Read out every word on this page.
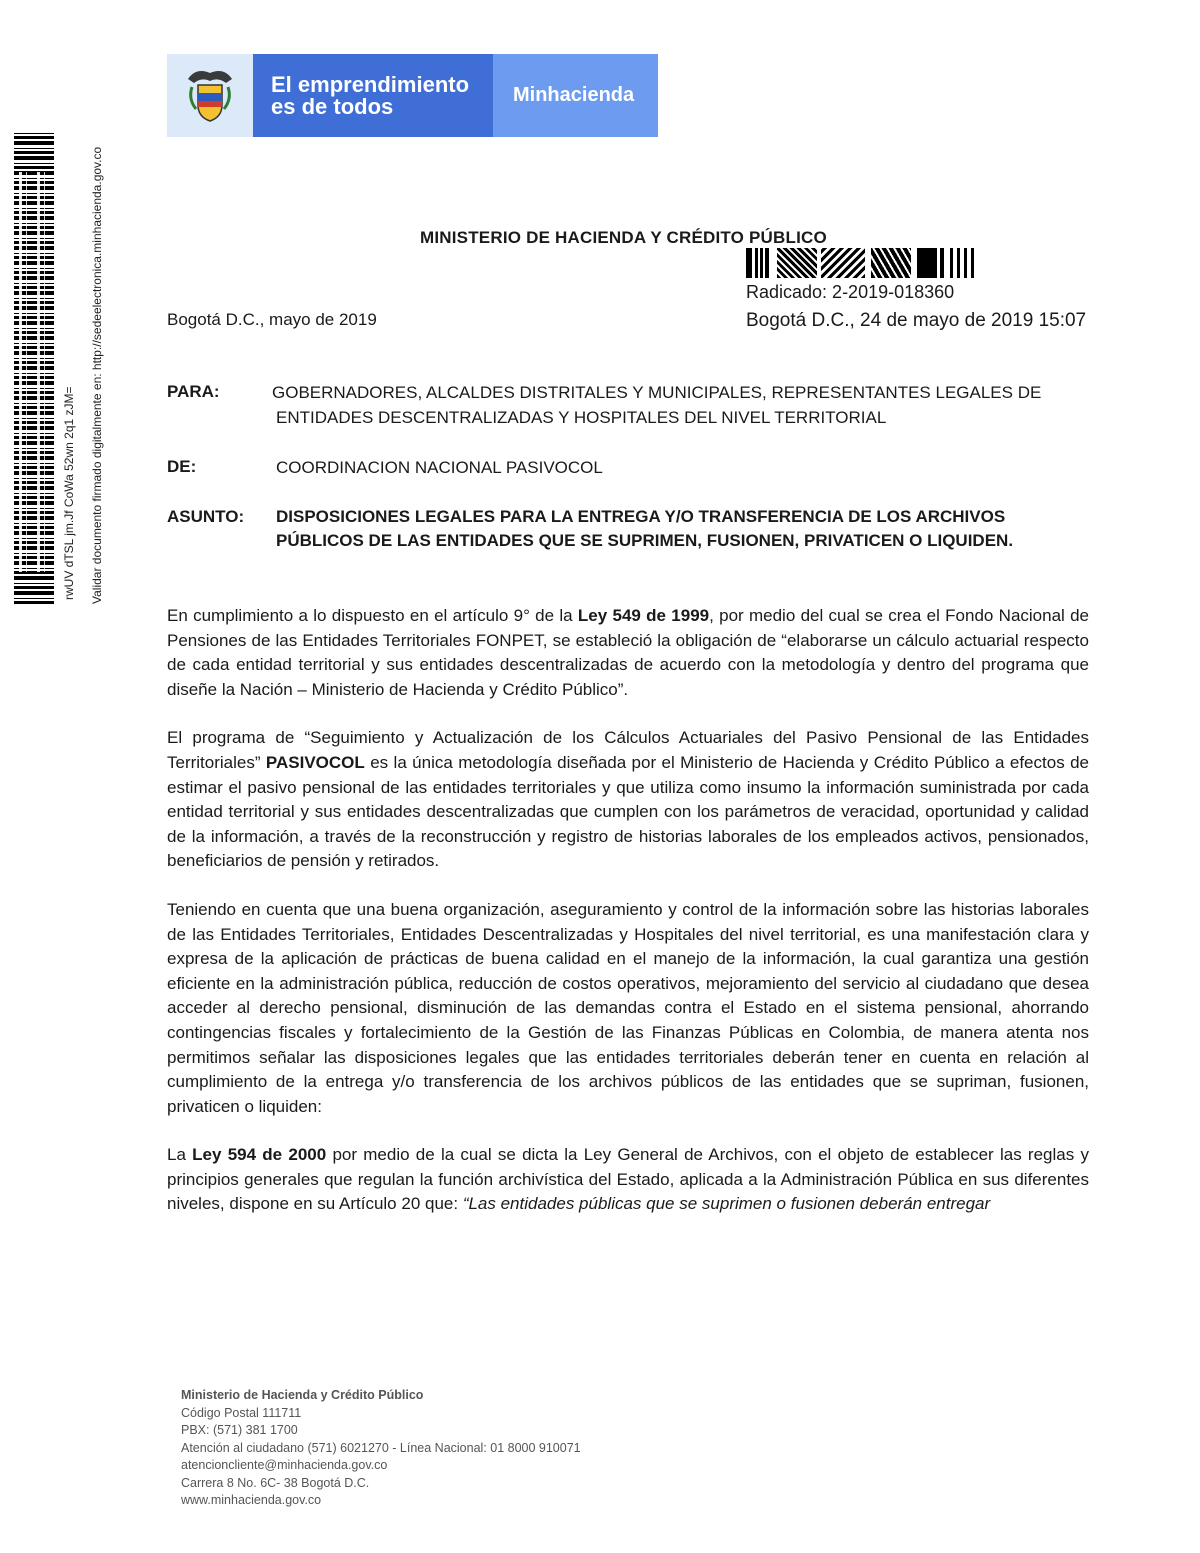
El emprendimiento
es de todos	Minhacienda
rwUV dTSL jm.Jf CoWa 52wn 2q1 zJM= Validar documento firmado digitalmente en: http://sedeelectronica.minhacienda.gov.co	MINISTERIO DE HACIENDA Y CRÉDITO PÚBLICO
Radicado: 2-2019-018360
Bogotá D.C., mayo de 2019	Bogotá D.C., 24 de mayo de 2019 15:07
PARA:	GOBERNADORES, ALCALDES DISTRITALES Y MUNICIPALES, REPRESENTANTES LEGALES DE
ENTIDADES DESCENTRALIZADAS Y HOSPITALES DEL NIVEL TERRITORIAL
DE:	COORDINACION NACIONAL PASIVOCOL
ASUNTO: DISPOSICIONES LEGALES PARA LA ENTREGA Y/O TRANSFERENCIA DE LOS ARCHIVOS
PÚBLICOS DE LAS ENTIDADES QUE SE SUPRIMEN, FUSIONEN, PRIVATICEN O LIQUIDEN.

En cumplimiento a lo dispuesto en el artículo 9° de la Ley 549 de 1999, por medio del cual se crea el Fondo Nacional de Pensiones de las Entidades Territoriales FONPET, se estableció la obligación de “elaborarse un cálculo actuarial respecto de cada entidad territorial y sus entidades descentralizadas de acuerdo con la metodología y dentro del programa que diseñe la Nación – Ministerio de Hacienda y Crédito Público”.

El programa de “Seguimiento y Actualización de los Cálculos Actuariales del Pasivo Pensional de las Entidades Territoriales” PASIVOCOL es la única metodología diseñada por el Ministerio de Hacienda y Crédito Público a efectos de estimar el pasivo pensional de las entidades territoriales y que utiliza como insumo la información suministrada por cada entidad territorial y sus entidades descentralizadas que cumplen con los parámetros de veracidad, oportunidad y calidad de la información, a través de la reconstrucción y registro de historias laborales de los empleados activos, pensionados, beneficiarios de pensión y retirados.

Teniendo en cuenta que una buena organización, aseguramiento y control de la información sobre las historias laborales de las Entidades Territoriales, Entidades Descentralizadas y Hospitales del nivel territorial, es una manifestación clara y expresa de la aplicación de prácticas de buena calidad en el manejo de la información, la cual garantiza una gestión eficiente en la administración pública, reducción de costos operativos, mejoramiento del servicio al ciudadano que desea acceder al derecho pensional, disminución de las demandas contra el Estado en el sistema pensional, ahorrando contingencias fiscales y fortalecimiento de la Gestión de las Finanzas Públicas en Colombia, de manera atenta nos permitimos señalar las disposiciones legales que las entidades territoriales deberán tener en cuenta en relación al cumplimiento de la entrega y/o transferencia de los archivos públicos de las entidades que se supriman, fusionen, privaticen o liquiden:

La Ley 594 de 2000 por medio de la cual se dicta la Ley General de Archivos, con el objeto de establecer las reglas y principios generales que regulan la función archivística del Estado, aplicada a la Administración Pública en sus diferentes niveles, dispone en su Artículo 20 que: “Las entidades públicas que se suprimen o fusionen deberán entregar

Ministerio de Hacienda y Crédito Público
Código Postal 111711
PBX: (571) 381 1700
Atención al ciudadano (571) 6021270 - Línea Nacional: 01 8000 910071
atencioncliente@minhacienda.gov.co
Carrera 8 No. 6C- 38 Bogotá D.C.
www.minhacienda.gov.co
